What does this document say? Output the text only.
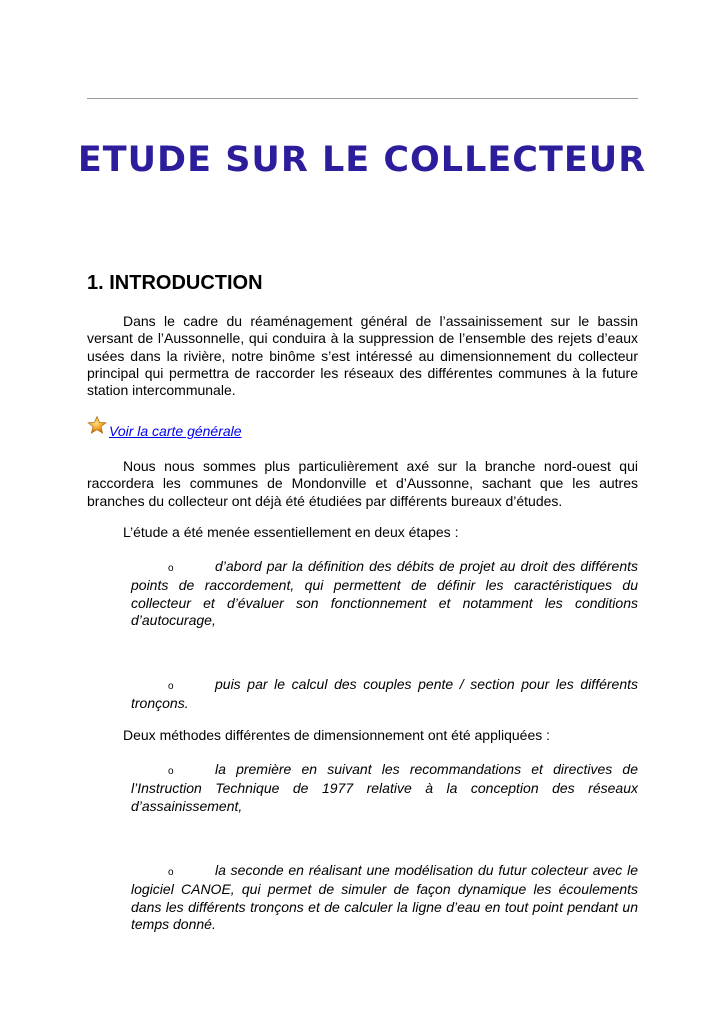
ETUDE SUR LE COLLECTEUR
1. INTRODUCTION

Dans le cadre du réaménagement général de l’assainissement sur le bassin versant de l’Aussonnelle, qui conduira à la suppression de l’ensemble des rejets d’eaux usées dans la rivière, notre binôme s’est intéressé au dimensionnement du collecteur principal qui permettra de raccorder les réseaux des différentes communes à la future station intercommunale.

Voir la carte générale

Nous nous sommes plus particulièrement axé sur la branche nord-ouest qui raccordera les communes de Mondonville et d’Aussonne, sachant que les autres branches du collecteur ont déjà été étudiées par différents bureaux d’études.

L’étude a été menée essentiellement en deux étapes :

o	d’abord par la définition des débits de projet au droit des différents points de raccordement, qui permettent de définir les caractéristiques du collecteur et d’évaluer son fonctionnement et notamment les conditions d’autocurage,

o	puis par le calcul des couples pente / section pour les différents tronçons.

Deux méthodes différentes de dimensionnement ont été appliquées :

o	la première en suivant les recommandations et directives de l’Instruction Technique de 1977 relative à la conception des réseaux d’assainissement,

o	la seconde en réalisant une modélisation du futur colecteur avec le logiciel CANOE, qui permet de simuler de façon dynamique les écoulements dans les différents tronçons et de calculer la ligne d’eau en tout point pendant un temps donné.
